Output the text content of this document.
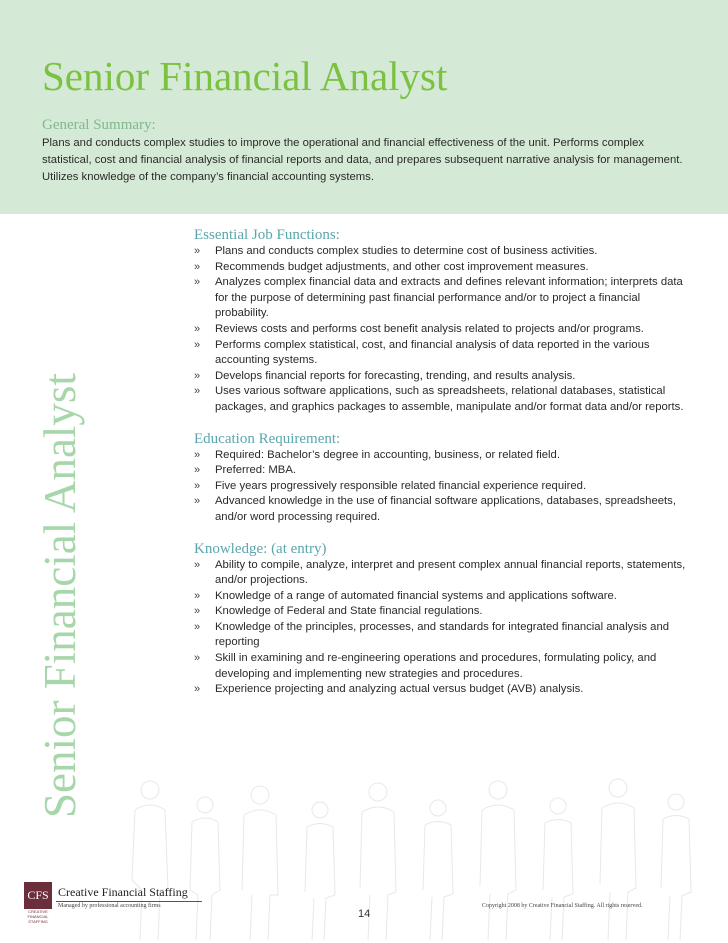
Senior Financial Analyst
General Summary:
Plans and conducts complex studies to improve the operational and financial effectiveness of the unit. Performs complex statistical, cost and financial analysis of financial reports and data, and prepares subsequent narrative analysis for management. Utilizes knowledge of the company’s financial accounting systems.
Senior Financial Analyst
Essential Job Functions:
» Plans and conducts complex studies to determine cost of business activities.
» Recommends budget adjustments, and other cost improvement measures.
» Analyzes complex financial data and extracts and defines relevant information; interprets data for the purpose of determining past financial performance and/or to project a financial probability.
» Reviews costs and performs cost benefit analysis related to projects and/or programs.
» Performs complex statistical, cost, and financial analysis of data reported in the various accounting systems.
» Develops financial reports for forecasting, trending, and results analysis.
» Uses various software applications, such as spreadsheets, relational databases, statistical packages, and graphics packages to assemble, manipulate and/or format data and/or reports.
Education Requirement:
» Required: Bachelor’s degree in accounting, business, or related field.
» Preferred: MBA.
» Five years progressively responsible related financial experience required.
» Advanced knowledge in the use of financial software applications, databases, spreadsheets, and/or word processing required.
Knowledge: (at entry)
» Ability to compile, analyze, interpret and present complex annual financial reports, statements, and/or projections.
» Knowledge of a range of automated financial systems and applications software.
» Knowledge of Federal and State financial regulations.
» Knowledge of the principles, processes, and standards for integrated financial analysis and reporting
» Skill in examining and re-engineering operations and procedures, formulating policy, and developing and implementing new strategies and procedures.
» Experience projecting and analyzing actual versus budget (AVB) analysis.
CFS
CREATIVE
FINANCIAL
STAFFING
Creative Financial Staffing
Managed by professional accounting firms
14
Copyright 2008 by Creative Financial Staffing. All rights reserved.
